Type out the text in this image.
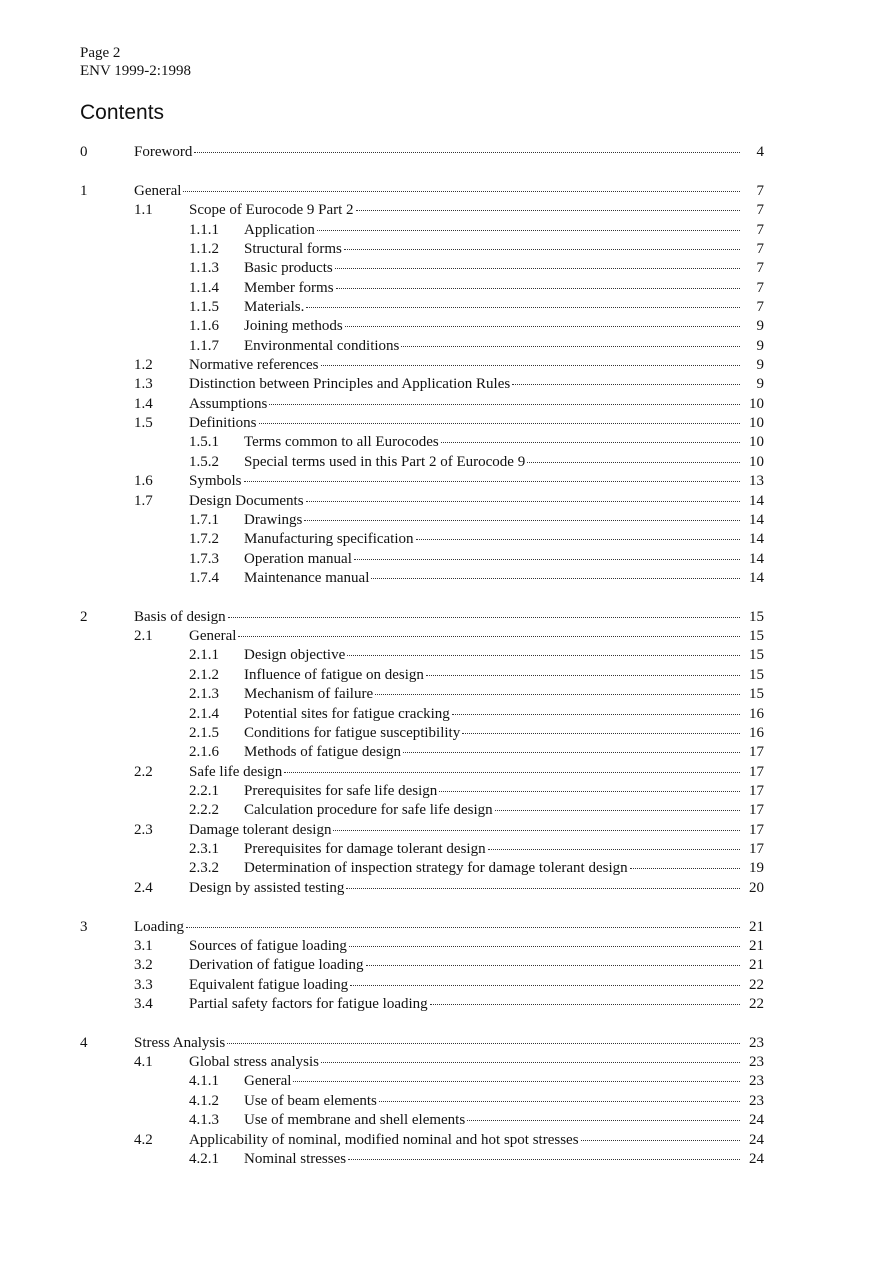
Page 2
ENV 1999-2:1998
Contents
0	Foreword	4
1	General	7
1.1 Scope of Eurocode 9 Part 2	7
1.1.1 Application	7
1.1.2 Structural forms	7
1.1.3 Basic products	7
1.1.4 Member forms	7
1.1.5 Materials.	7
1.1.6 Joining methods	9
1.1.7 Environmental conditions	9
1.2 Normative references	9
1.3 Distinction between Principles and Application Rules	9
1.4 Assumptions	10
1.5 Definitions	10
1.5.1 Terms common to all Eurocodes	10
1.5.2 Special terms used in this Part 2 of Eurocode 9	10
1.6 Symbols	13
1.7 Design Documents	14
1.7.1 Drawings	14
1.7.2 Manufacturing specification	14
1.7.3 Operation manual	14
1.7.4 Maintenance manual	14
2	Basis of design	15
2.1 General	15
2.1.1 Design objective	15
2.1.2 Influence of fatigue on design	15
2.1.3 Mechanism of failure	15
2.1.4 Potential sites for fatigue cracking	16
2.1.5 Conditions for fatigue susceptibility	16
2.1.6 Methods of fatigue design	17
2.2 Safe life design	17
2.2.1 Prerequisites for safe life design	17
2.2.2 Calculation procedure for safe life design	17
2.3 Damage tolerant design	17
2.3.1 Prerequisites for damage tolerant design	17
2.3.2 Determination of inspection strategy for damage tolerant design	19
2.4 Design by assisted testing	20
3	Loading	21
3.1 Sources of fatigue loading	21
3.2 Derivation of fatigue loading	21
3.3 Equivalent fatigue loading	22
3.4 Partial safety factors for fatigue loading	22
4	Stress Analysis	23
4.1 Global stress analysis	23
4.1.1 General	23
4.1.2 Use of beam elements	23
4.1.3 Use of membrane and shell elements	24
4.2 Applicability of nominal, modified nominal and hot spot stresses	24
4.2.1 Nominal stresses	24
